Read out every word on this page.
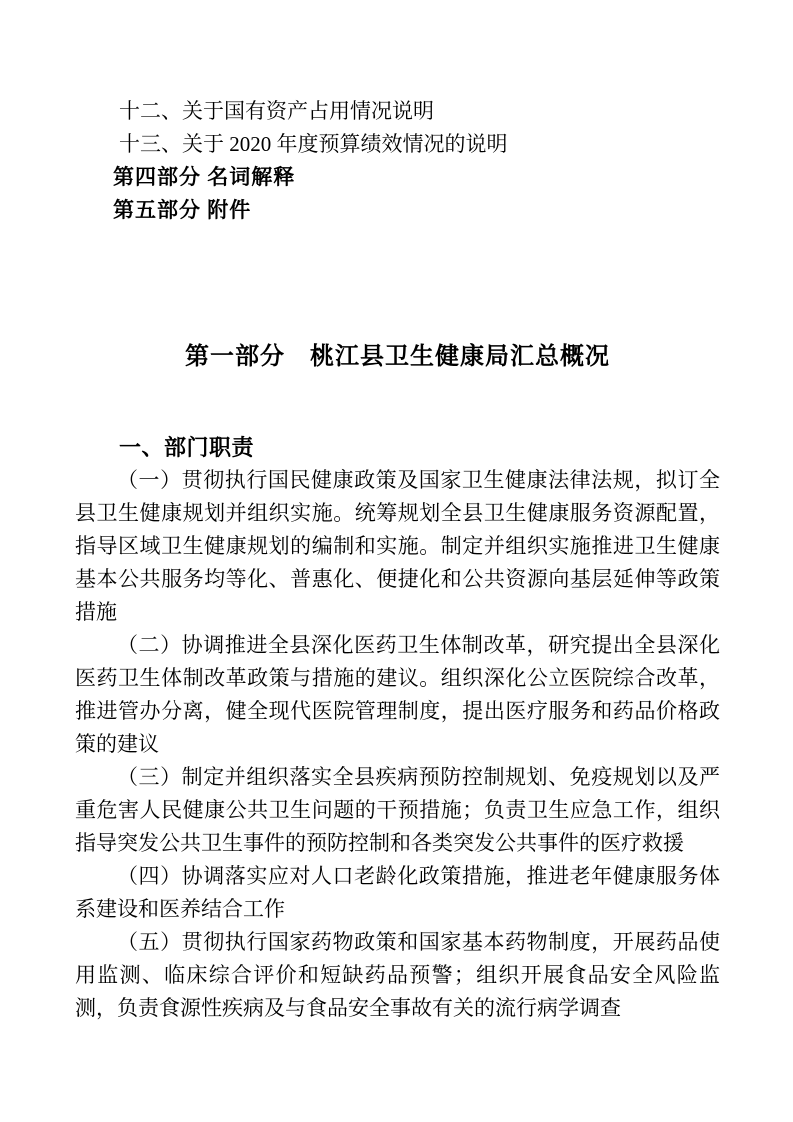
十二、关于国有资产占用情况说明

十三、关于 2020 年度预算绩效情况的说明

第四部分 名词解释

第五部分 附件

第一部分　桃江县卫生健康局汇总概况
一、部门职责

（一）贯彻执行国民健康政策及国家卫生健康法律法规，拟订全县卫生健康规划并组织实施。统筹规划全县卫生健康服务资源配置，指导区域卫生健康规划的编制和实施。制定并组织实施推进卫生健康基本公共服务均等化、普惠化、便捷化和公共资源向基层延伸等政策措施

（二）协调推进全县深化医药卫生体制改革，研究提出全县深化医药卫生体制改革政策与措施的建议。组织深化公立医院综合改革，推进管办分离，健全现代医院管理制度，提出医疗服务和药品价格政策的建议

（三）制定并组织落实全县疾病预防控制规划、免疫规划以及严重危害人民健康公共卫生问题的干预措施；负责卫生应急工作，组织指导突发公共卫生事件的预防控制和各类突发公共事件的医疗救援

（四）协调落实应对人口老龄化政策措施，推进老年健康服务体系建设和医养结合工作

（五）贯彻执行国家药物政策和国家基本药物制度，开展药品使用监测、临床综合评价和短缺药品预警；组织开展食品安全风险监测，负责食源性疾病及与食品安全事故有关的流行病学调查
